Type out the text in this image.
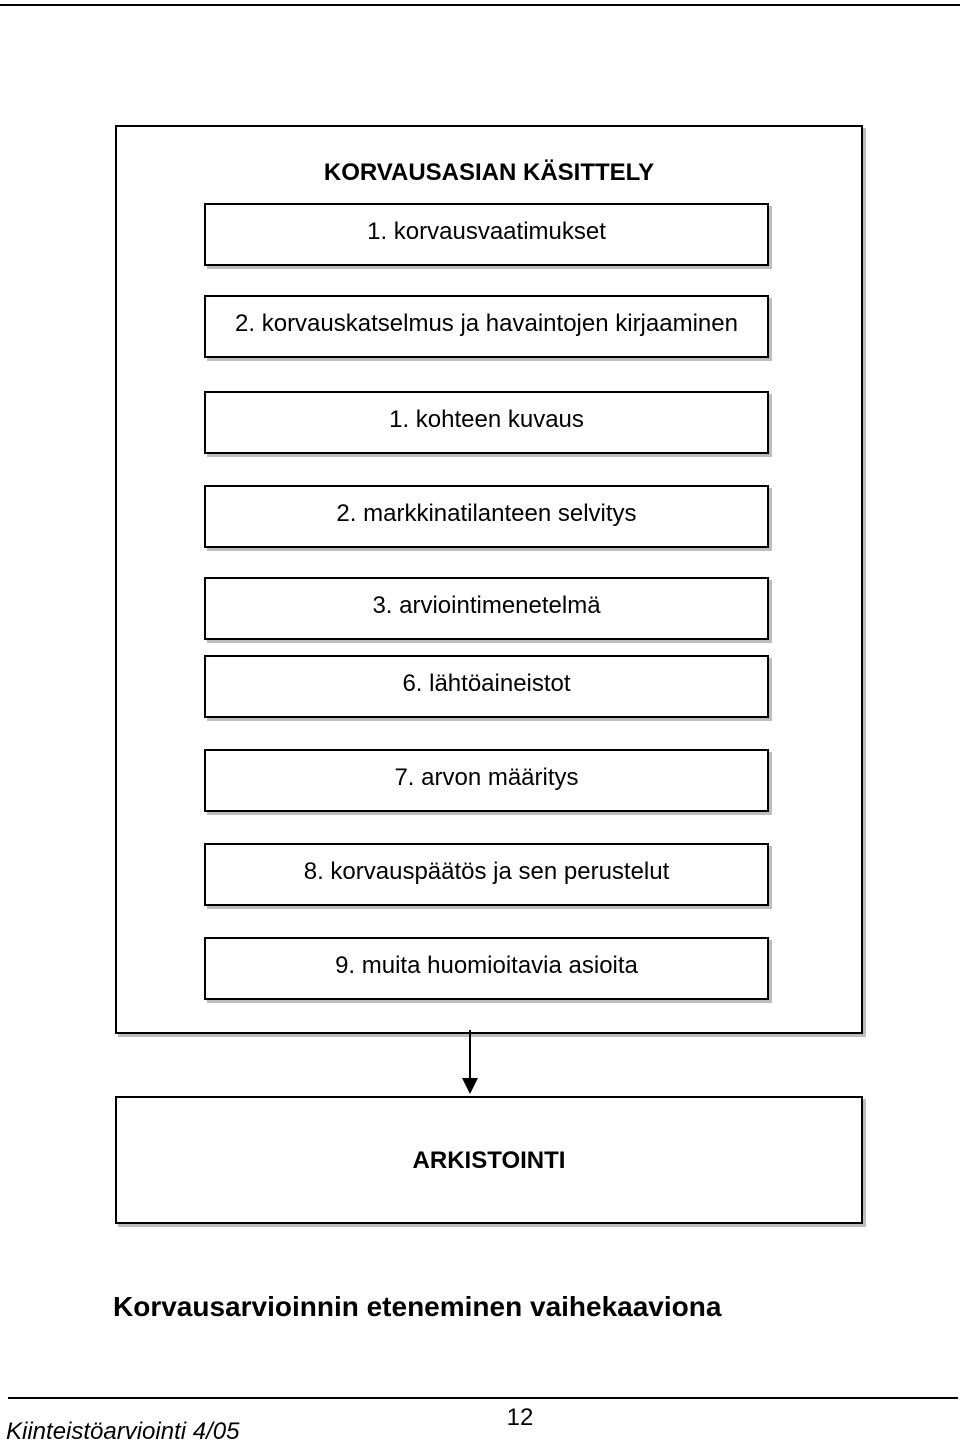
KORVAUSASIAN KÄSITTELY
1. korvausvaatimukset
2. korvauskatselmus ja havaintojen kirjaaminen
1. kohteen kuvaus
2. markkinatilanteen selvitys
3. arviointimenetelmä
6. lähtöaineistot
7. arvon määritys
8. korvauspäätös ja sen perustelut
9. muita huomioitavia asioita
ARKISTOINTI
Korvausarvioinnin eteneminen vaihekaaviona
Kiinteistöarviointi 4/05
12
